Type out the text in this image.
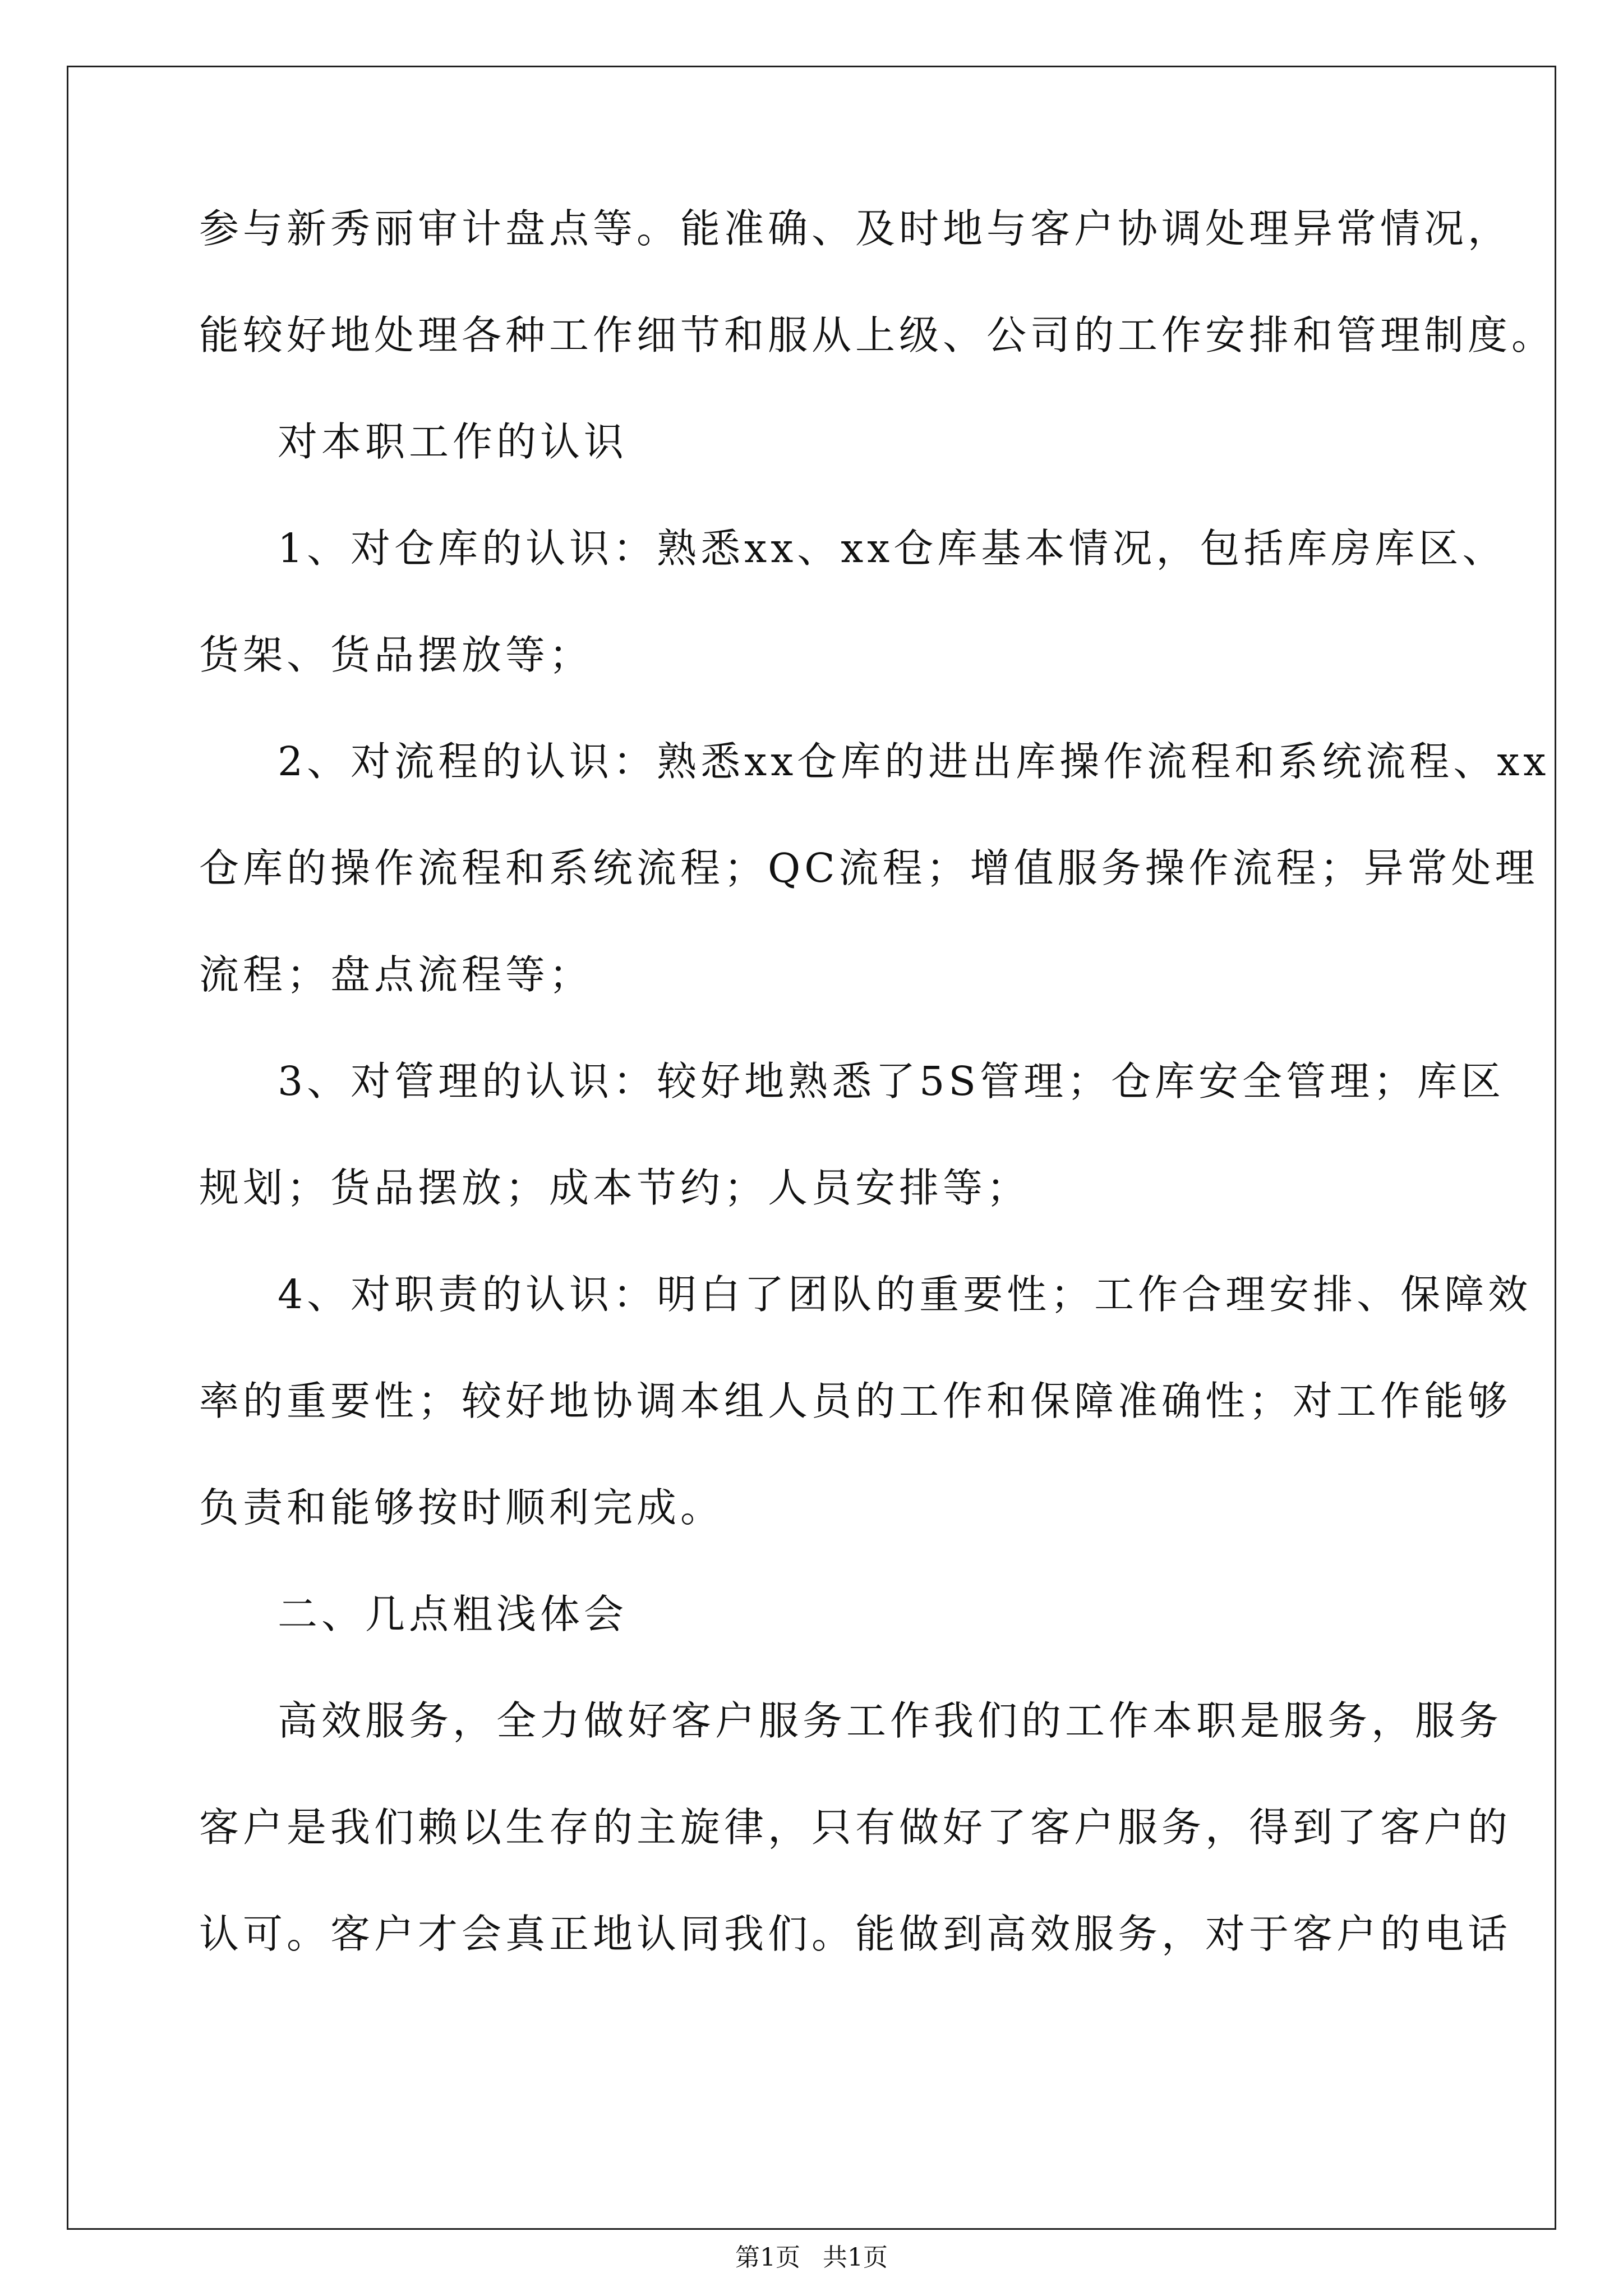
参与新秀丽审计盘点等。能准确、及时地与客户协调处理异常情况，
能较好地处理各种工作细节和服从上级、公司的工作安排和管理制度。
对本职工作的认识
1、对仓库的认识：熟悉xx、xx仓库基本情况，包括库房库区、
货架、货品摆放等；
2、对流程的认识：熟悉xx仓库的进出库操作流程和系统流程、xx
仓库的操作流程和系统流程；QC流程；增值服务操作流程；异常处理
流程；盘点流程等；
3、对管理的认识：较好地熟悉了5S管理；仓库安全管理；库区
规划；货品摆放；成本节约；人员安排等；
4、对职责的认识：明白了团队的重要性；工作合理安排、保障效
率的重要性；较好地协调本组人员的工作和保障准确性；对工作能够
负责和能够按时顺利完成。
二、几点粗浅体会
高效服务，全力做好客户服务工作我们的工作本职是服务，服务
客户是我们赖以生存的主旋律，只有做好了客户服务，得到了客户的
认可。客户才会真正地认同我们。能做到高效服务，对于客户的电话
第1页 共1页
